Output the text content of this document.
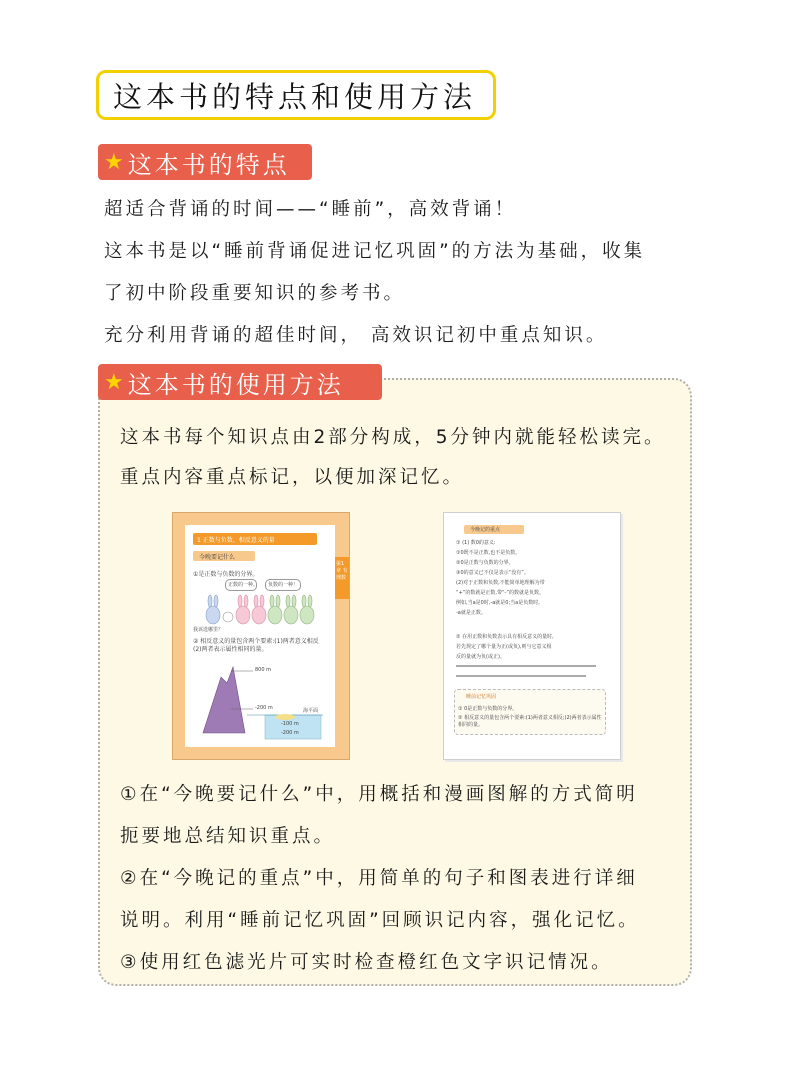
这本书的特点和使用方法
★ 这本书的特点
超适合背诵的时间——“睡前”，高效背诵！
这本书是以“睡前背诵促进记忆巩固”的方法为基础，收集
了初中阶段重要知识的参考书。
充分利用背诵的超佳时间， 高效识记初中重点知识。
★ 这本书的使用方法
这本书每个知识点由2部分构成，5分钟内就能轻松读完。
重点内容重点标记，以便加深记忆。
1 正数与负数、相反意义的量
今晚要记什么
①是正数与负数的分界。
正数的一种。 负数的一种！
我该选哪里？
② 相反意义的量包含两个要素:(1)两者意义相反 (2)两者表示属性相同的量。
800 m
-200 m	海平面
-100 m
-200 m
第1章 有理数
今晚记的重点
① (1) 数0的意义:
①0既不是正数,也不是负数。
②0是正数与负数的分界。
③0的意义已不仅是表示“没有”。
(2)对于正数和负数,不能简单地理解为带
“+”的数就是正数,带“-”的数就是负数。
例如,当a是0时,-a就是0;当a是负数时,
-a就是正数。
② 在用正数和负数表示具有相反意义的量时,
若先规定了哪个量为正(或负),则与它意义相
反的量就为负(或正)。
睡前记忆巩固
① 0是正数与负数的分界。
② 相反意义的量包含两个要素:(1)两者意义相反;(2)两者表示属性相同的量。
①在“今晚要记什么”中，用概括和漫画图解的方式简明
扼要地总结知识重点。
②在“今晚记的重点”中，用简单的句子和图表进行详细
说明。利用“睡前记忆巩固”回顾识记内容，强化记忆。
③使用红色滤光片可实时检查橙红色文字识记情况。
